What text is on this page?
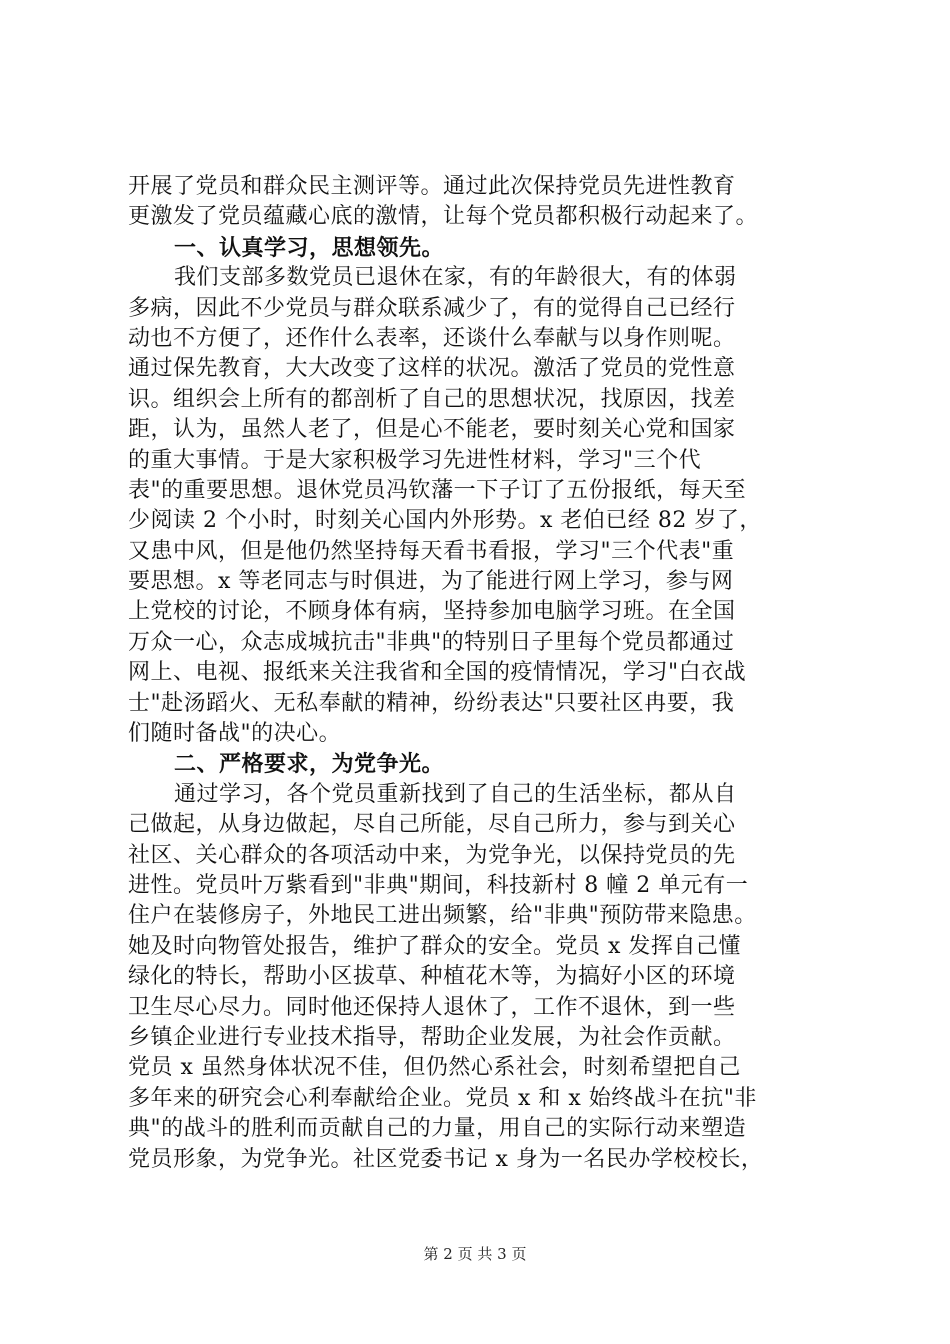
开展了党员和群众民主测评等。通过此次保持党员先进性教育
更激发了党员蕴藏心底的激情，让每个党员都积极行动起来了。
一、认真学习，思想领先。
我们支部多数党员已退休在家，有的年龄很大，有的体弱
多病，因此不少党员与群众联系减少了，有的觉得自己已经行
动也不方便了，还作什么表率，还谈什么奉献与以身作则呢。
通过保先教育，大大改变了这样的状况。激活了党员的党性意
识。组织会上所有的都剖析了自己的思想状况，找原因，找差
距，认为，虽然人老了，但是心不能老，要时刻关心党和国家
的重大事情。于是大家积极学习先进性材料，学习"三个代
表"的重要思想。退休党员冯钦藩一下子订了五份报纸，每天至
少阅读 2 个小时，时刻关心国内外形势。x 老伯已经 82 岁了，
又患中风，但是他仍然坚持每天看书看报，学习"三个代表"重
要思想。x 等老同志与时俱进，为了能进行网上学习，参与网
上党校的讨论，不顾身体有病，坚持参加电脑学习班。在全国
万众一心，众志成城抗击"非典"的特别日子里每个党员都通过
网上、电视、报纸来关注我省和全国的疫情情况，学习"白衣战
士"赴汤蹈火、无私奉献的精神，纷纷表达"只要社区冉要，我
们随时备战"的决心。
二、严格要求，为党争光。
通过学习，各个党员重新找到了自己的生活坐标，都从自
己做起，从身边做起，尽自己所能，尽自己所力，参与到关心
社区、关心群众的各项活动中来，为党争光，以保持党员的先
进性。党员叶万紫看到"非典"期间，科技新村 8 幢 2 单元有一
住户在装修房子，外地民工进出频繁，给"非典"预防带来隐患。
她及时向物管处报告，维护了群众的安全。党员 x 发挥自己懂
绿化的特长，帮助小区拔草、种植花木等，为搞好小区的环境
卫生尽心尽力。同时他还保持人退休了，工作不退休，到一些
乡镇企业进行专业技术指导，帮助企业发展，为社会作贡献。
党员 x 虽然身体状况不佳，但仍然心系社会，时刻希望把自己
多年来的研究会心利奉献给企业。党员 x 和 x 始终战斗在抗"非
典"的战斗的胜利而贡献自己的力量，用自己的实际行动来塑造
党员形象，为党争光。社区党委书记 x 身为一名民办学校校长，
第 2 页 共 3 页
